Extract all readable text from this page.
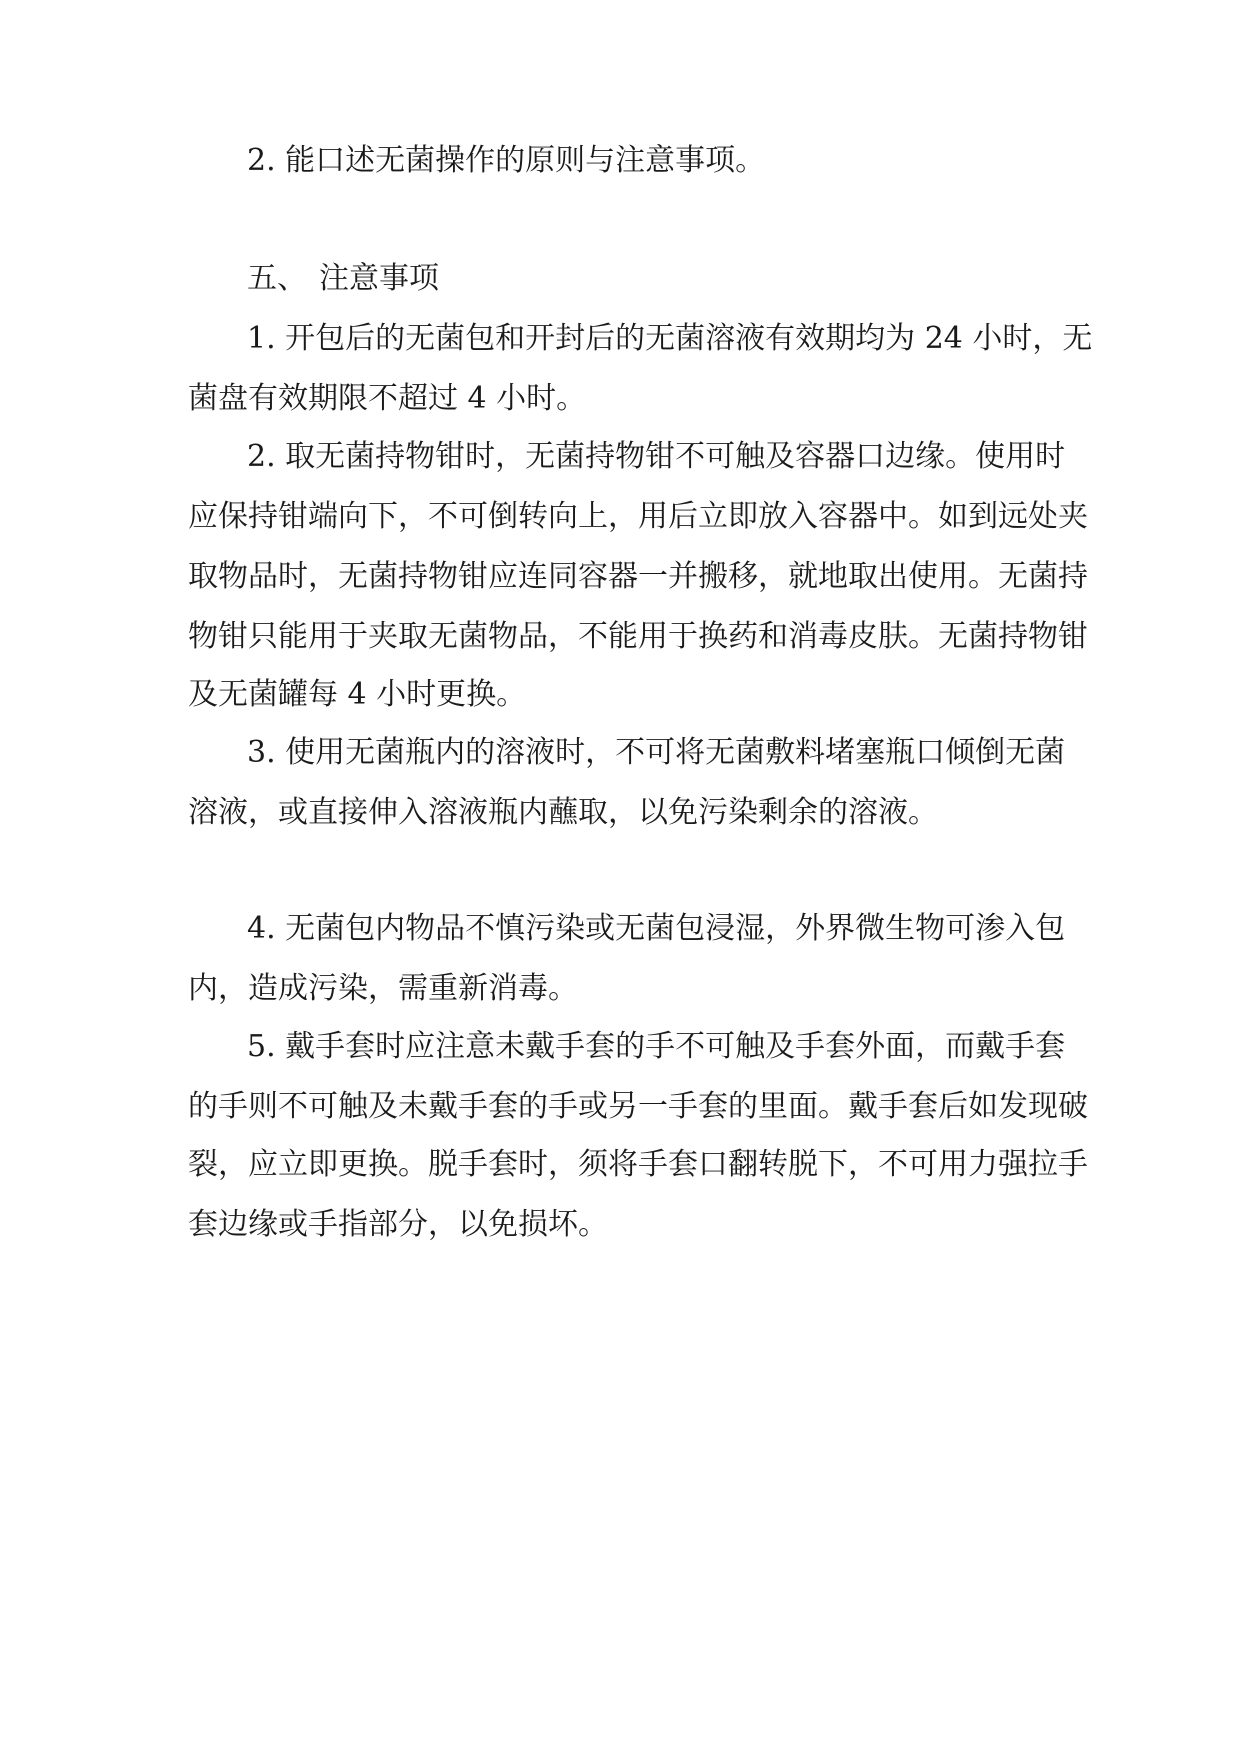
2. 能口述无菌操作的原则与注意事项。
五、 注意事项
1. 开包后的无菌包和开封后的无菌溶液有效期均为 24 小时，无
菌盘有效期限不超过 4 小时。
2. 取无菌持物钳时，无菌持物钳不可触及容器口边缘。使用时
应保持钳端向下，不可倒转向上，用后立即放入容器中。如到远处夹
取物品时，无菌持物钳应连同容器一并搬移，就地取出使用。无菌持
物钳只能用于夹取无菌物品，不能用于换药和消毒皮肤。无菌持物钳
及无菌罐每 4 小时更换。
3. 使用无菌瓶内的溶液时，不可将无菌敷料堵塞瓶口倾倒无菌
溶液，或直接伸入溶液瓶内蘸取，以免污染剩余的溶液。
4. 无菌包内物品不慎污染或无菌包浸湿，外界微生物可渗入包
内，造成污染，需重新消毒。
5. 戴手套时应注意未戴手套的手不可触及手套外面，而戴手套
的手则不可触及未戴手套的手或另一手套的里面。戴手套后如发现破
裂，应立即更换。脱手套时，须将手套口翻转脱下，不可用力强拉手
套边缘或手指部分，以免损坏。
